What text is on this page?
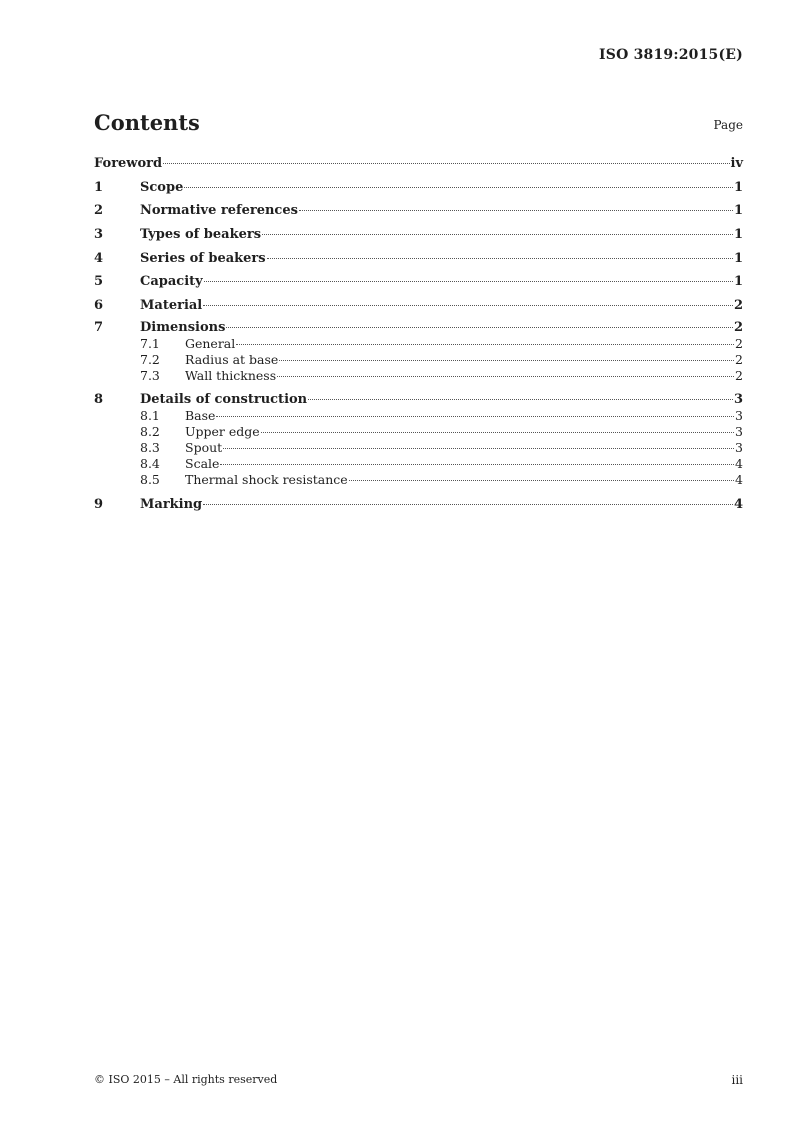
ISO 3819:2015(E)
Contents	Page
Foreword	iv
1	Scope	1
2	Normative references	1
3	Types of beakers	1
4	Series of beakers	1
5	Capacity	1
6	Material	2
7	Dimensions	2
7.1	General	2
7.2	Radius at base	2
7.3	Wall thickness	2
8	Details of construction	3
8.1	Base	3
8.2	Upper edge	3
8.3	Spout	3
8.4	Scale	4
8.5	Thermal shock resistance	4
9	Marking	4
© ISO 2015 – All rights reserved	iii
